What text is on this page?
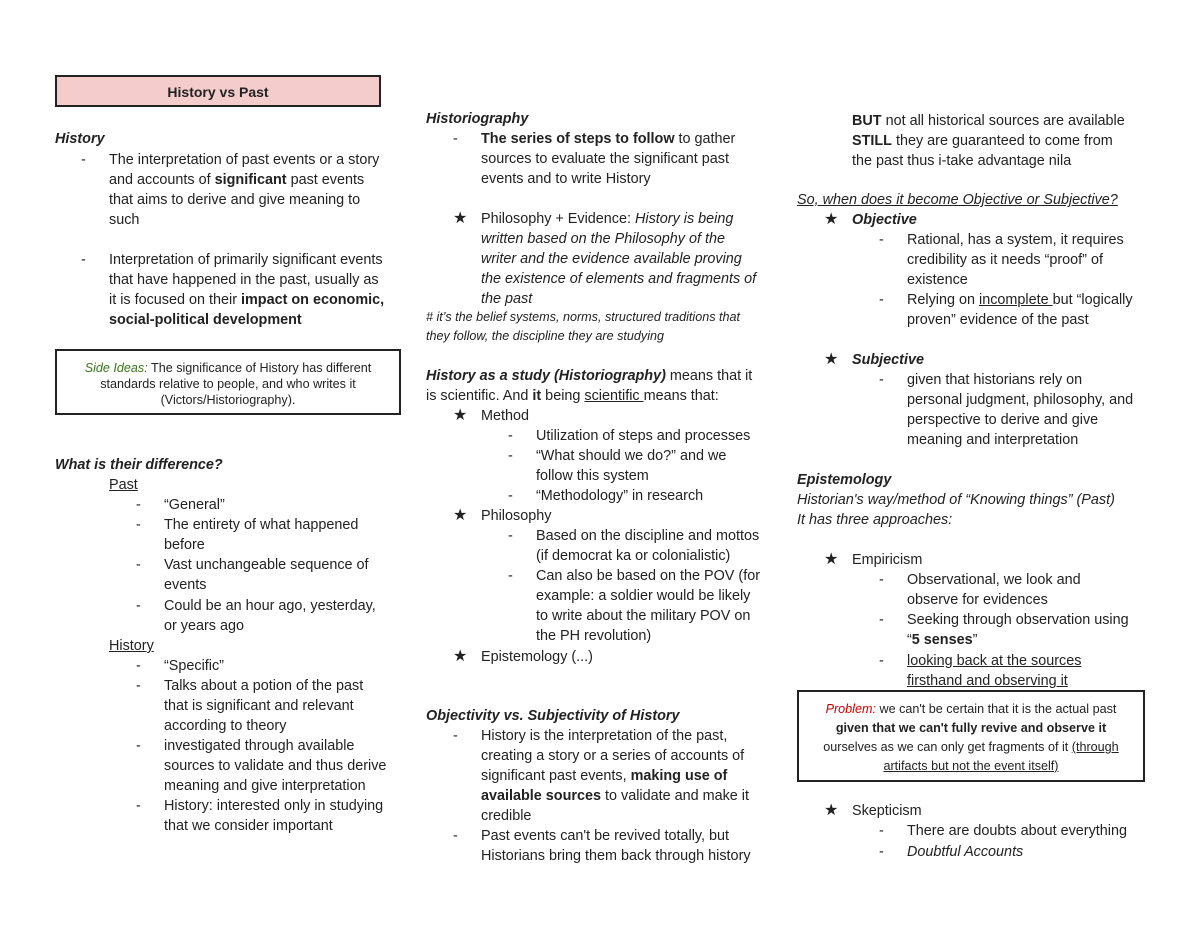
History vs Past
History
- The interpretation of past events or a story
and accounts of significant past events
that aims to derive and give meaning to
such
- Interpretation of primarily significant events
that have happened in the past, usually as
it is focused on their impact on economic,
social-political development
Side Ideas: The significance of History has different
standards relative to people, and who writes it
(Victors/Historiography).
What is their difference?
Past
- “General”
- The entirety of what happened
before
- Vast unchangeable sequence of
events
- Could be an hour ago, yesterday,
or years ago
History
- “Specific”
- Talks about a potion of the past
that is significant and relevant
according to theory
- investigated through available
sources to validate and thus derive
meaning and give interpretation
- History: interested only in studying
that we consider important
Historiography
- The series of steps to follow to gather
sources to evaluate the significant past
events and to write History
★ Philosophy + Evidence: History is being
written based on the Philosophy of the
writer and the evidence available proving
the existence of elements and fragments of
the past
# it’s the belief systems, norms, structured traditions that
they follow, the discipline they are studying
History as a study (Historiography) means that it
is scientific. And it being scientific means that:
★ Method
- Utilization of steps and processes
- “What should we do?” and we
follow this system
- “Methodology” in research
★ Philosophy
- Based on the discipline and mottos
(if democrat ka or colonialistic)
- Can also be based on the POV (for
example: a soldier would be likely
to write about the military POV on
the PH revolution)
★ Epistemology (...)
Objectivity vs. Subjectivity of History
- History is the interpretation of the past,
creating a story or a series of accounts of
significant past events, making use of
available sources to validate and make it
credible
- Past events can't be revived totally, but
Historians bring them back through history
BUT not all historical sources are available
STILL they are guaranteed to come from
the past thus i-take advantage nila
So, when does it become Objective or Subjective?
★ Objective
- Rational, has a system, it requires
credibility as it needs “proof” of
existence
- Relying on incomplete but “logically
proven” evidence of the past
★ Subjective
- given that historians rely on
personal judgment, philosophy, and
perspective to derive and give
meaning and interpretation
Epistemology
Historian's way/method of “Knowing things” (Past)
It has three approaches:
★ Empiricism
- Observational, we look and
observe for evidences
- Seeking through observation using
“5 senses”
- looking back at the sources
firsthand and observing it
Problem: we can't be certain that it is the actual past
given that we can't fully revive and observe it
ourselves as we can only get fragments of it (through
artifacts but not the event itself)
★ Skepticism
- There are doubts about everything
- Doubtful Accounts
